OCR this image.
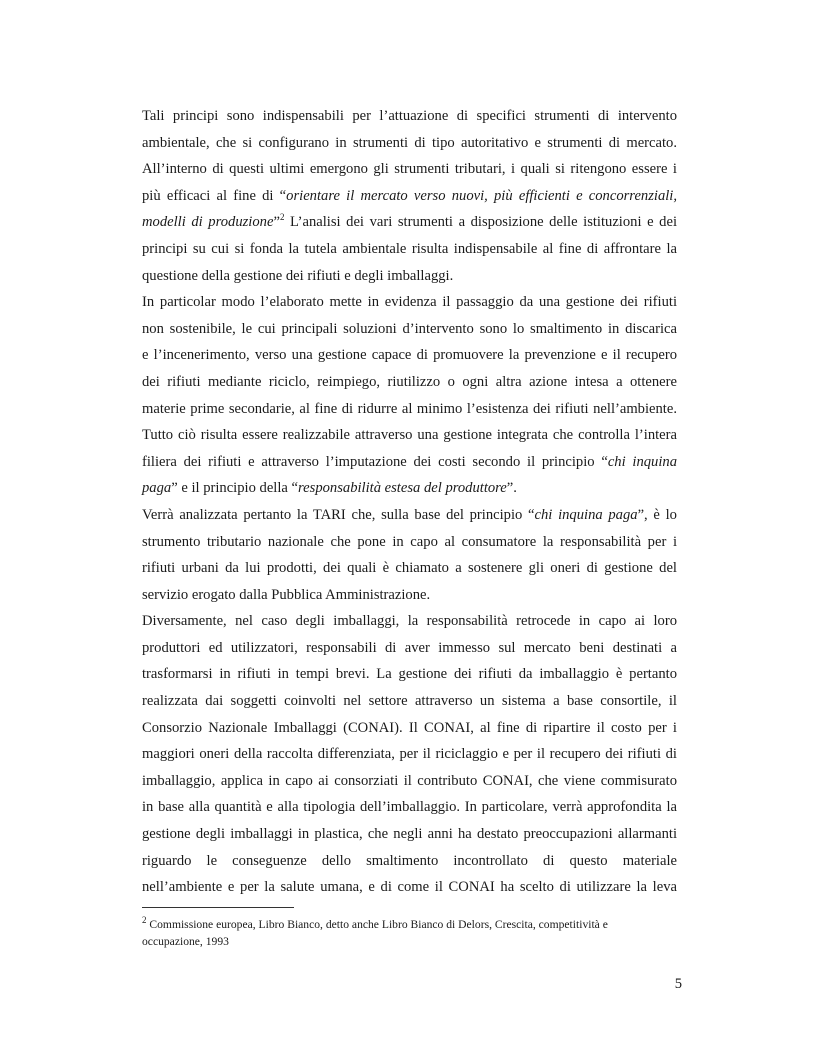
Tali principi sono indispensabili per l’attuazione di specifici strumenti di intervento
ambientale, che si configurano in strumenti di tipo autoritativo e strumenti di mercato.
All’interno di questi ultimi emergono gli strumenti tributari, i quali si ritengono essere i
più efficaci al fine di “orientare il mercato verso nuovi, più efficienti e concorrenziali,
modelli di produzione”$^2$ L’analisi dei vari strumenti a disposizione delle istituzioni e dei
principi su cui si fonda la tutela ambientale risulta indispensabile al fine di affrontare la
questione della gestione dei rifiuti e degli imballaggi.
In particolar modo l’elaborato mette in evidenza il passaggio da una gestione dei rifiuti
non sostenibile, le cui principali soluzioni d’intervento sono lo smaltimento in discarica
e l’incenerimento, verso una gestione capace di promuovere la prevenzione e il recupero
dei rifiuti mediante riciclo, reimpiego, riutilizzo o ogni altra azione intesa a ottenere
materie prime secondarie, al fine di ridurre al minimo l’esistenza dei rifiuti nell’ambiente.
Tutto ciò risulta essere realizzabile attraverso una gestione integrata che controlla l’intera
filiera dei rifiuti e attraverso l’imputazione dei costi secondo il principio “chi inquina
paga” e il principio della “responsabilità estesa del produttore”.
Verrà analizzata pertanto la TARI che, sulla base del principio “chi inquina paga”, è lo
strumento tributario nazionale che pone in capo al consumatore la responsabilità per i
rifiuti urbani da lui prodotti, dei quali è chiamato a sostenere gli oneri di gestione del
servizio erogato dalla Pubblica Amministrazione.
Diversamente, nel caso degli imballaggi, la responsabilità retrocede in capo ai loro
produttori ed utilizzatori, responsabili di aver immesso sul mercato beni destinati a
trasformarsi in rifiuti in tempi brevi. La gestione dei rifiuti da imballaggio è pertanto
realizzata dai soggetti coinvolti nel settore attraverso un sistema a base consortile, il
Consorzio Nazionale Imballaggi (CONAI). Il CONAI, al fine di ripartire il costo per i
maggiori oneri della raccolta differenziata, per il riciclaggio e per il recupero dei rifiuti di
imballaggio, applica in capo ai consorziati il contributo CONAI, che viene commisurato
in base alla quantità e alla tipologia dell’imballaggio. In particolare, verrà approfondita la
gestione degli imballaggi in plastica, che negli anni ha destato preoccupazioni allarmanti
riguardo le conseguenze dello smaltimento incontrollato di questo materiale
nell’ambiente e per la salute umana, e di come il CONAI ha scelto di utilizzare la leva
$^2$ Commissione europea, Libro Bianco, detto anche Libro Bianco di Delors, Crescita, competitività e
occupazione, 1993
5
